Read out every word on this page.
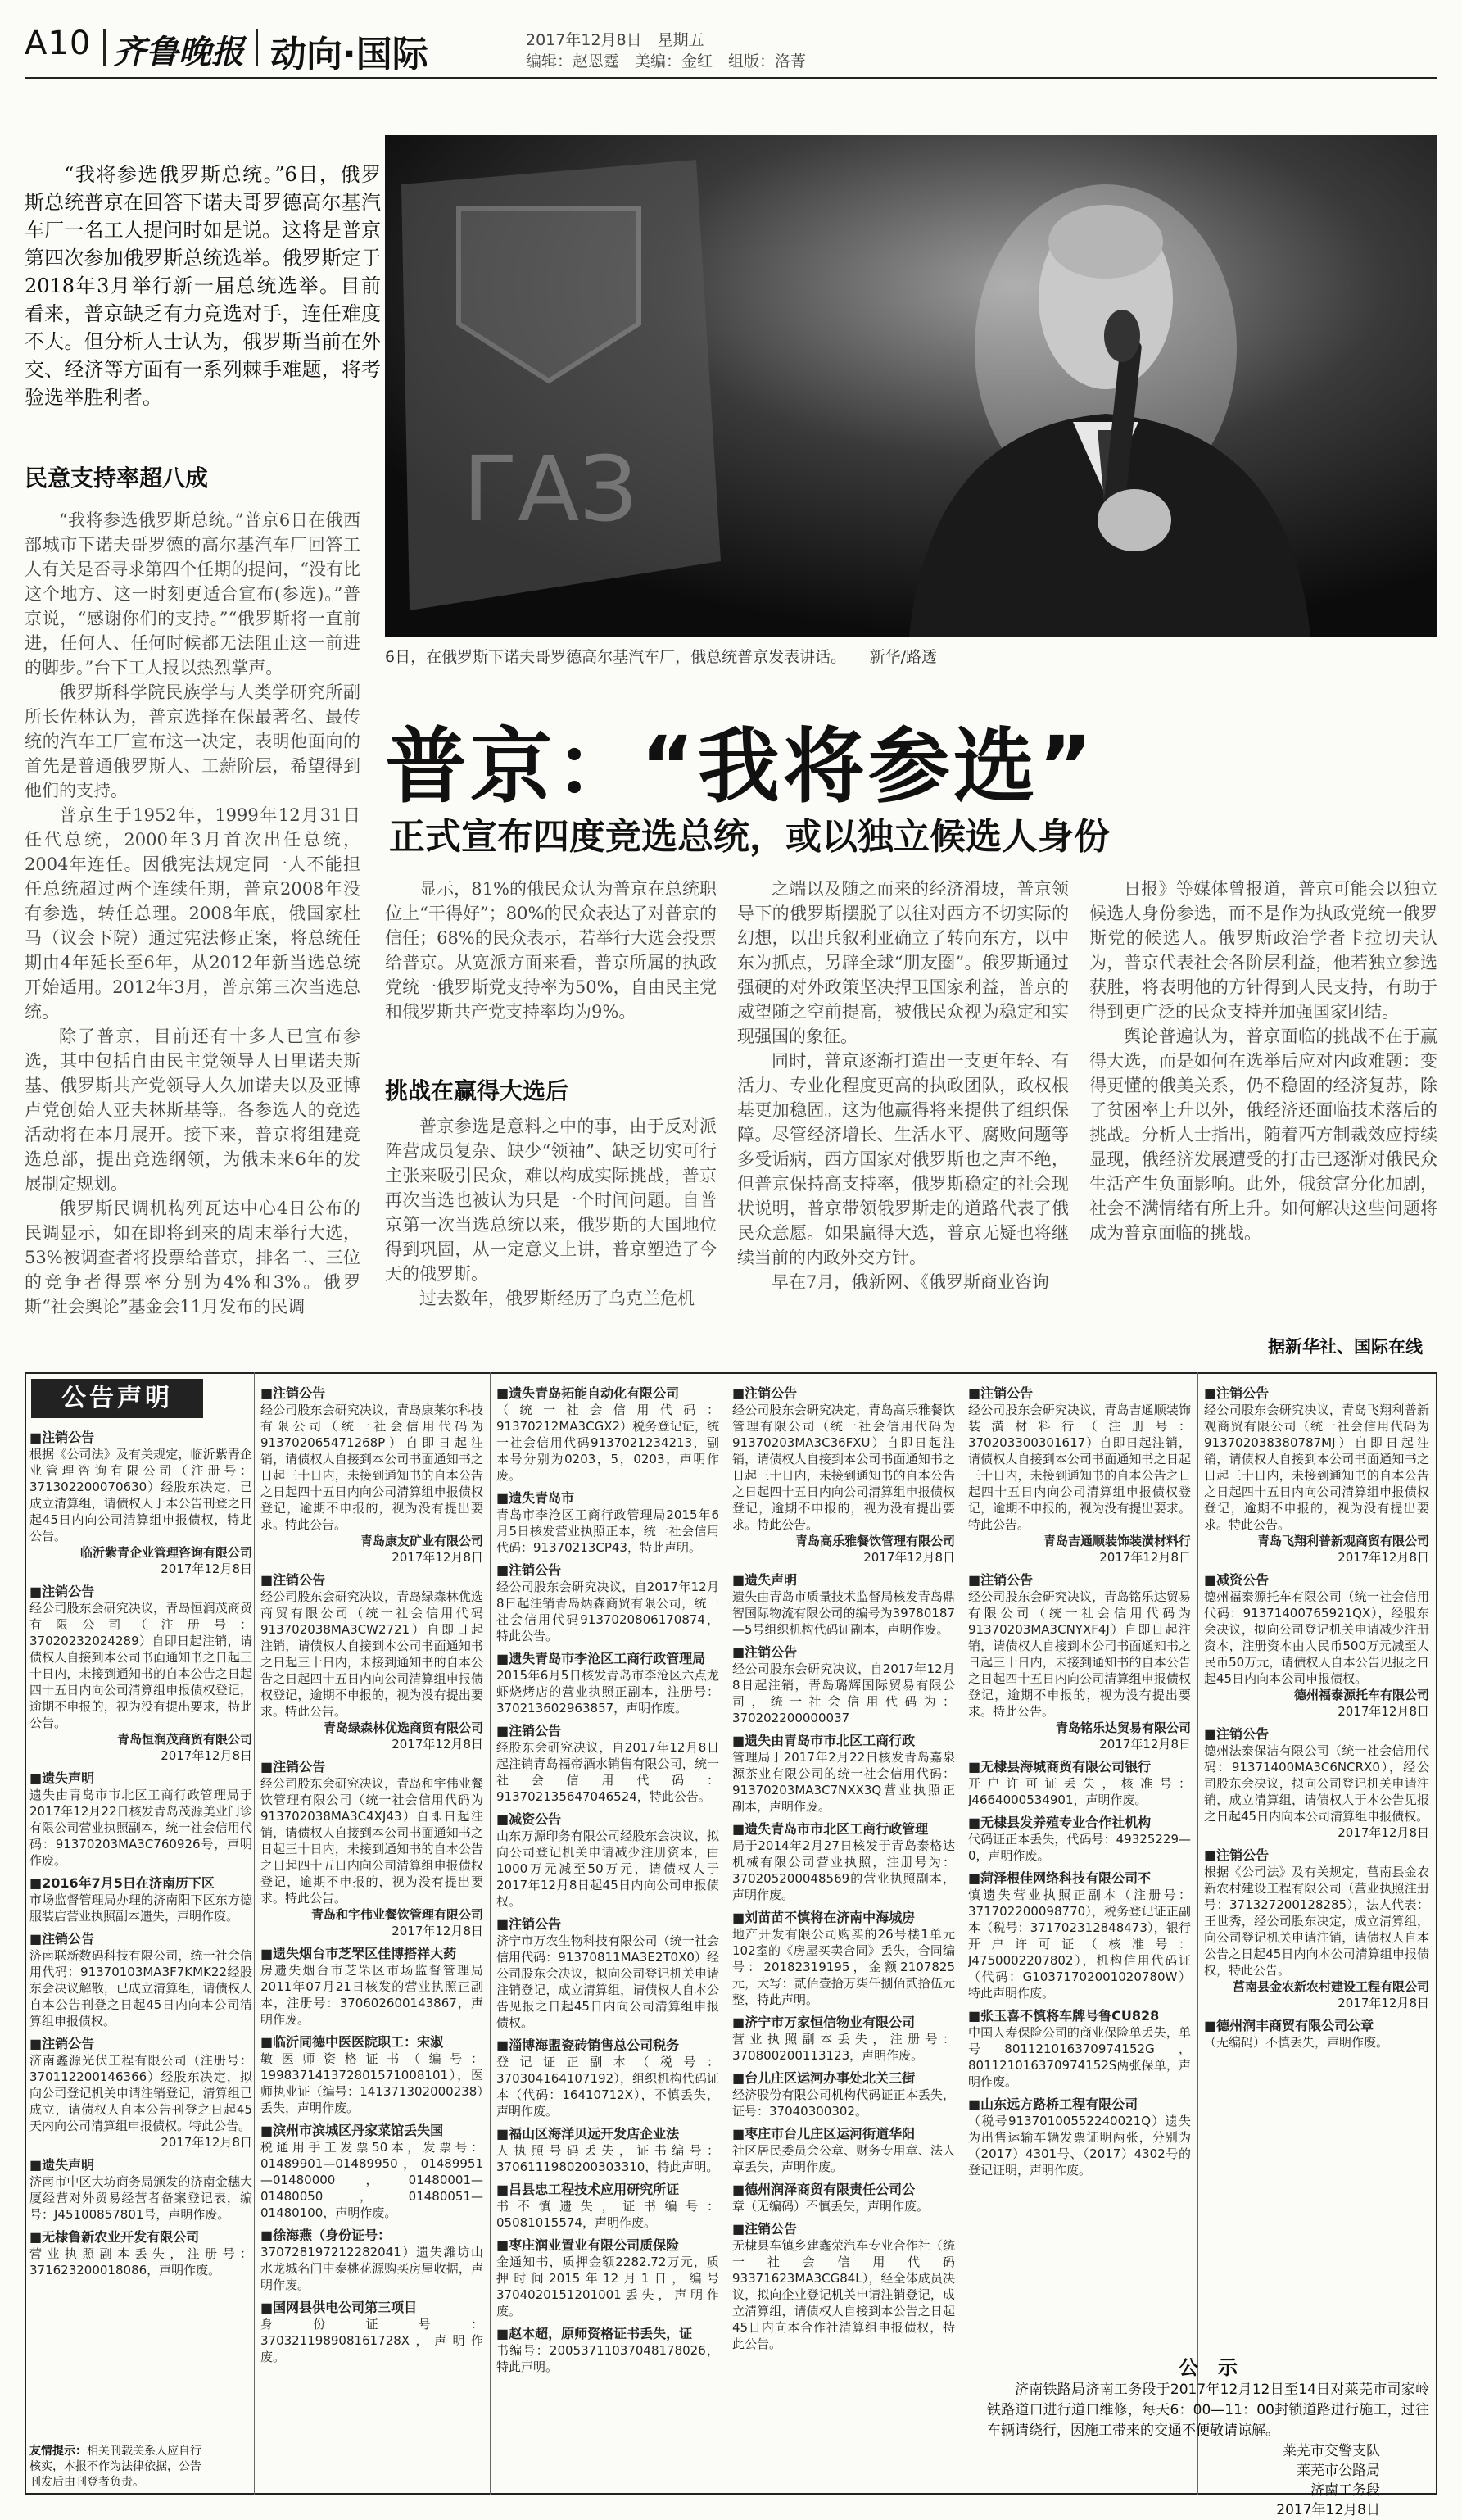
A10 齐鲁晚报 动向·国际	2017年12月8日　星期五
编辑：赵恩霆　美编：金红　组版：洛菁
“我将参选俄罗斯总统。”6日，俄罗斯总统普京在回答下诺夫哥罗德高尔基汽车厂一名工人提问时如是说。这将是普京第四次参加俄罗斯总统选举。俄罗斯定于2018年3月举行新一届总统选举。目前看来，普京缺乏有力竞选对手，连任难度不大。但分析人士认为，俄罗斯当前在外交、经济等方面有一系列棘手难题，将考验选举胜利者。
ГАЗ
6日，在俄罗斯下诺夫哥罗德高尔基汽车厂，俄总统普京发表讲话。　　新华/路透
普京：“我将参选”
正式宣布四度竞选总统，或以独立候选人身份
民意支持率超八成

“我将参选俄罗斯总统。”普京6日在俄西部城市下诺夫哥罗德的高尔基汽车厂回答工人有关是否寻求第四个任期的提问，“没有比这个地方、这一时刻更适合宣布(参选)。”普京说，“感谢你们的支持。”“俄罗斯将一直前进，任何人、任何时候都无法阻止这一前进的脚步。”台下工人报以热烈掌声。

俄罗斯科学院民族学与人类学研究所副所长佐林认为，普京选择在保最著名、最传统的汽车工厂宣布这一决定，表明他面向的首先是普通俄罗斯人、工薪阶层，希望得到他们的支持。

普京生于1952年，1999年12月31日任代总统，2000年3月首次出任总统，2004年连任。因俄宪法规定同一人不能担任总统超过两个连续任期，普京2008年没有参选，转任总理。2008年底，俄国家杜马（议会下院）通过宪法修正案，将总统任期由4年延长至6年，从2012年新当选总统开始适用。2012年3月，普京第三次当选总统。

除了普京，目前还有十多人已宣布参选，其中包括自由民主党领导人日里诺夫斯基、俄罗斯共产党领导人久加诺夫以及亚博卢党创始人亚夫林斯基等。各参选人的竞选活动将在本月展开。接下来，普京将组建竞选总部，提出竞选纲领，为俄未来6年的发展制定规划。

俄罗斯民调机构列瓦达中心4日公布的民调显示，如在即将到来的周末举行大选，53%被调查者将投票给普京，排名二、三位的竞争者得票率分别为4%和3%。俄罗斯“社会舆论”基金会11月发布的民调

显示，81%的俄民众认为普京在总统职位上“干得好”；80%的民众表达了对普京的信任；68%的民众表示，若举行大选会投票给普京。从宽派方面来看，普京所属的执政党统一俄罗斯党支持率为50%，自由民主党和俄罗斯共产党支持率均为9%。

挑战在赢得大选后

普京参选是意料之中的事，由于反对派阵营成员复杂、缺少“领袖”、缺乏切实可行主张来吸引民众，难以构成实际挑战，普京再次当选也被认为只是一个时间问题。自普京第一次当选总统以来，俄罗斯的大国地位得到巩固，从一定意义上讲，普京塑造了今天的俄罗斯。

过去数年，俄罗斯经历了乌克兰危机

之端以及随之而来的经济滑坡，普京领导下的俄罗斯摆脱了以往对西方不切实际的幻想，以出兵叙利亚确立了转向东方，以中东为抓点，另辟全球“朋友圈”。俄罗斯通过强硬的对外政策坚决捍卫国家利益，普京的威望随之空前提高，被俄民众视为稳定和实现强国的象征。

同时，普京逐渐打造出一支更年轻、有活力、专业化程度更高的执政团队，政权根基更加稳固。这为他赢得将来提供了组织保障。尽管经济增长、生活水平、腐败问题等多受诟病，西方国家对俄罗斯也之声不绝，但普京保持高支持率，俄罗斯稳定的社会现状说明，普京带领俄罗斯走的道路代表了俄民众意愿。如果赢得大选，普京无疑也将继续当前的内政外交方针。

早在7月，俄新网、《俄罗斯商业咨询

日报》等媒体曾报道，普京可能会以独立候选人身份参选，而不是作为执政党统一俄罗斯党的候选人。俄罗斯政治学者卡拉切夫认为，普京代表社会各阶层利益，他若独立参选获胜，将表明他的方针得到人民支持，有助于得到更广泛的民众支持并加强国家团结。

舆论普遍认为，普京面临的挑战不在于赢得大选，而是如何在选举后应对内政难题：变得更懂的俄美关系，仍不稳固的经济复苏，除了贫困率上升以外，俄经济还面临技术落后的挑战。分析人士指出，随着西方制裁效应持续显现，俄经济发展遭受的打击已逐渐对俄民众生活产生负面影响。此外，俄贫富分化加剧，社会不满情绪有所上升。如何解决这些问题将成为普京面临的挑战。

据新华社、国际在线
公告声明
■注销公告
根据《公司法》及有关规定，临沂紫青企业管理咨询有限公司（注册号：371302200070630）经股东决定，已成立清算组，请债权人于本公告刊登之日起45日内向公司清算组申报债权，特此公告。
临沂紫青企业管理咨询有限公司
2017年12月8日
■注销公告
经公司股东会研究决议，青岛恒润茂商贸有限公司（注册号：37020232024289）自即日起注销，请债权人自接到本公司书面通知书之日起三十日内，未接到通知书的自本公告之日起四十五日内向公司清算组申报债权登记，逾期不申报的，视为没有提出要求，特此公告。
青岛恒润茂商贸有限公司
2017年12月8日
■遗失声明
遗失由青岛市市北区工商行政管理局于2017年12月22日核发青岛茂源美业门诊有限公司营业执照副本，统一社会信用代码：91370203MA3C760926号，声明作废。
■2016年7月5日在济南历下区
市场监督管理局办理的济南阳下区东方德服装店营业执照副本遗失，声明作废。
■注销公告
济南联新数码科技有限公司，统一社会信用代码：91370103MA3F7KMK22经股东会决议解散，已成立清算组，请债权人自本公告刊登之日起45日内向本公司清算组申报债权。
■注销公告
济南鑫源光伏工程有限公司（注册号：370112200146366）经股东决定，拟向公司登记机关申请注销登记，清算组已成立，请债权人自本公告刊登之日起45天内向公司清算组申报债权。特此公告。
2017年12月8日
■遗失声明
济南市中区大坊商务局颁发的济南金穗大厦经营对外贸易经营者备案登记表，编号：J45100857801号，声明作废。
■无棣鲁新农业开发有限公司
营业执照副本丢失，注册号：371623200018086，声明作废。
■注销公告
经公司股东会研究决议，青岛康莱尔科技有限公司（统一社会信用代码为913702065471268P）自即日起注销，请债权人自接到本公司书面通知书之日起三十日内，未接到通知书的自本公告之日起四十五日内向公司清算组申报债权登记，逾期不申报的，视为没有提出要求。特此公告。
青岛康友矿业有限公司
2017年12月8日
■注销公告
经公司股东会研究决议，青岛绿森林优选商贸有限公司（统一社会信用代码913702038MA3CW2721）自即日起注销，请债权人自接到本公司书面通知书之日起三十日内，未接到通知书的自本公告之日起四十五日内向公司清算组申报债权登记，逾期不申报的，视为没有提出要求。特此公告。
青岛绿森林优选商贸有限公司
2017年12月8日
■注销公告
经公司股东会研究决议，青岛和宇伟业餐饮管理有限公司（统一社会信用代码为913702038MA3C4XJ43）自即日起注销，请债权人自接到本公司书面通知书之日起三十日内，未接到通知书的自本公告之日起四十五日内向公司清算组申报债权登记，逾期不申报的，视为没有提出要求。特此公告。
青岛和宇伟业餐饮管理有限公司
2017年12月8日
■遗失烟台市芝罘区佳博搭祥大药
房遗失烟台市芝罘区市场监督管理局2011年07月21日核发的营业执照正副本，注册号：370602600143867，声明作废。
■临沂同德中医医院职工：宋淑
敏医师资格证书（编号：199837141372801571008101），医师执业证（编号：141371302000238）丢失，声明作废。
■滨州市滨城区丹家菜馆丢失国
税通用手工发票50本，发票号：01489901—01489950，01489951—01480000，01480001—01480050，01480051—01480100，声明作废。
■徐海燕（身份证号：
370728197212282041）遗失潍坊山水龙城名门中泰桃花源购买房屋收据，声明作废。
■国网县供电公司第三项目
身份证号：370321198908161728X，声明作废。
■遗失青岛拓能自动化有限公司
（统一社会信用代码：91370212MA3CGX2）税务登记证，统一社会信用代码9137021234213，副本号分别为0203，5，0203，声明作废。
■遗失青岛市
青岛市李沧区工商行政管理局2015年6月5日核发营业执照正本，统一社会信用代码：91370213CP43，特此声明。
■注销公告
经公司股东会研究决议，自2017年12月8日起注销青岛炳森商贸有限公司，统一社会信用代码9137020806170874，特此公告。
■遗失青岛市李沧区工商行政管理局
2015年6月5日核发青岛市李沧区六点龙虾烧烤店的营业执照正副本，注册号：370213602963857，声明作废。
■注销公告
经股东会研究决议，自2017年12月8日起注销青岛福帝酒水销售有限公司，统一社会信用代码：913702135647046524，特此公告。
■减资公告
山东万源印务有限公司经股东会决议，拟向公司登记机关申请减少注册资本，由1000万元减至50万元，请债权人于2017年12月8日起45日内向公司申报债权。
■注销公告
济宁市万农生物科技有限公司（统一社会信用代码：91370811MA3E2T0X0）经公司股东会决议，拟向公司登记机关申请注销登记，成立清算组，请债权人自本公告见报之日起45日内向公司清算组申报债权。
■淄博海盟瓷砖销售总公司税务
登记证正副本（税号：370304164107192），组织机构代码证本（代码：16410712X），不慎丢失，声明作废。
■福山区海洋贝远开发店企业法
人执照号码丢失，证书编号：3706111980200303310，特此声明。
■吕县忠工程技术应用研究所证
书不慎遗失，证书编号：05081015574，声明作废。
■枣庄润业置业有限公司质保险
金通知书，质押金额2282.72万元，质押时间2015年12月1日，编号3704020151201001丢失，声明作废。
■赵本超，原师资格证书丢失，证
书编号：20053711037048178026，特此声明。
■注销公告
经公司股东会研究决定，青岛高乐雅餐饮管理有限公司（统一社会信用代码为91370203MA3C36FXU）自即日起注销，请债权人自接到本公司书面通知书之日起三十日内，未接到通知书的自本公告之日起四十五日内向公司清算组申报债权登记，逾期不申报的，视为没有提出要求。特此公告。
青岛高乐雅餐饮管理有限公司
2017年12月8日
■遗失声明
遗失由青岛市质量技术监督局核发青岛鼎智国际物流有限公司的编号为39780187—5号组织机构代码证副本，声明作废。
■注销公告
经公司股东会研究决议，自2017年12月8日起注销，青岛璐辉国际贸易有限公司，统一社会信用代码为：370202200000037
■遗失由青岛市市北区工商行政
管理局于2017年2月22日核发青岛嘉泉源茶业有限公司的统一社会信用代码：91370203MA3C7NXX3Q营业执照正副本，声明作废。
■遗失青岛市市北区工商行政管理
局于2014年2月27日核发于青岛泰格达机械有限公司营业执照，注册号为：370205200048569的营业执照副本，声明作废。
■刘苗苗不慎将在济南中海城房
地产开发有限公司购买的26号楼1单元102室的《房屋买卖合同》丢失，合同编号：20182319195，金额2107825元，大写：贰佰壹拾万柒仟捌佰贰拾伍元整，特此声明。
■济宁市万家恒信物业有限公司
营业执照副本丢失，注册号：370800200113123，声明作废。
■台儿庄区运河办事处北关三街
经济股份有限公司机构代码证正本丢失，证号：37040300302。
■枣庄市台儿庄区运河街道华阳
社区居民委员会公章、财务专用章、法人章丢失，声明作废。
■德州润泽商贸有限责任公司公
章（无编码）不慎丢失，声明作废。
■注销公告
无棣县车镇乡建鑫荣汽车专业合作社（统一社会信用代码93371623MA3CG84L），经全体成员决议，拟向企业登记机关申请注销登记，成立清算组，请债权人自接到本公告之日起45日内向本合作社清算组申报债权，特此公告。
■注销公告
经公司股东会研究决议，青岛吉通顺装饰装潢材料行（注册号：370203300301617）自即日起注销，请债权人自接到本公司书面通知书之日起三十日内，未接到通知书的自本公告之日起四十五日内向公司清算组申报债权登记，逾期不申报的，视为没有提出要求。特此公告。
青岛吉通顺装饰装潢材料行
2017年12月8日
■注销公告
经公司股东会研究决议，青岛铭乐达贸易有限公司（统一社会信用代码为91370203MA3CNYXF4J）自即日起注销，请债权人自接到本公司书面通知书之日起三十日内，未接到通知书的自本公告之日起四十五日内向公司清算组申报债权登记，逾期不申报的，视为没有提出要求。特此公告。
青岛铭乐达贸易有限公司
2017年12月8日
■无棣县海城商贸有限公司银行
开户许可证丢失，核准号：J4664000534901，声明作废。
■无棣县发养殖专业合作社机构
代码证正本丢失，代码号：49325229—0，声明作废。
■菏泽根佳网络科技有限公司不
慎遗失营业执照正副本（注册号：371702200098770），税务登记证正副本（税号：371702312848473），银行开户许可证（核准号：J4750002207802），机构信用代码证（代码：G10371702001020780W）特此声明作废。
■张玉喜不慎将车牌号鲁CU828
中国人寿保险公司的商业保险单丢失，单号801121016370974152G，801121016370974152S两张保单，声明作废。
■山东远方路桥工程有限公司
（税号91370100552240021Q）遗失为出售运输车辆发票证明两张，分别为（2017）4301号、（2017）4302号的登记证明，声明作废。
■注销公告
经公司股东会研究决议，青岛飞翔利普新观商贸有限公司（统一社会信用代码为913702038380787MJ）自即日起注销，请债权人自接到本公司书面通知书之日起三十日内，未接到通知书的自本公告之日起四十五日内向公司清算组申报债权登记，逾期不申报的，视为没有提出要求。特此公告。
青岛飞翔利普新观商贸有限公司
2017年12月8日
■减资公告
德州福泰源托车有限公司（统一社会信用代码：91371400765921QX），经股东会决议，拟向公司登记机关申请减少注册资本，注册资本由人民币500万元减至人民币50万元，请债权人自本公告见报之日起45日内向本公司申报债权。
德州福泰源托车有限公司
2017年12月8日
■注销公告
德州法泰保洁有限公司（统一社会信用代码：91371400MA3C6NCRX0），经公司股东会决议，拟向公司登记机关申请注销，成立清算组，请债权人于本公告见报之日起45日内向本公司清算组申报债权。
2017年12月8日
■注销公告
根据《公司法》及有关规定，莒南县金农新农村建设工程有限公司（营业执照注册号：371327200128285），法人代表：王世秀，经公司股东决定，成立清算组，向公司登记机关申请注销，请债权人自本公告之日起45日内向本公司清算组申报债权，特此公告。
莒南县金农新农村建设工程有限公司
2017年12月8日
■德州润丰商贸有限公司公章
（无编码）不慎丢失，声明作废。
友情提示：相关刊载关系人应自行核实，本报不作为法律依据，公告刊发后由刊登者负责。
公　示
济南铁路局济南工务段于2017年12月12日至14日对莱芜市司家岭铁路道口进行道口维修，每天6：00—11：00封锁道路进行施工，过往车辆请绕行，因施工带来的交通不便敬请谅解。
莱芜市交警支队
莱芜市公路局
济南工务段
2017年12月8日
